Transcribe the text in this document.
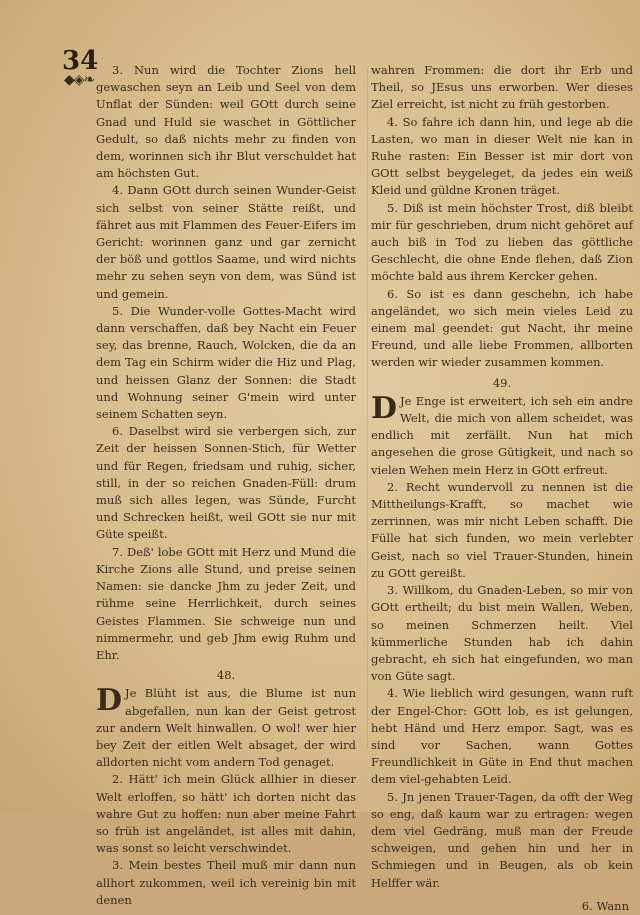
34
◆◈❧

3. Nun wird die Tochter Zions hell gewaschen seyn an Leib und Seel von dem Unflat der Sünden: weil GOtt durch seine Gnad und Huld sie waschet in Göttlicher Gedult, so daß nichts mehr zu finden von dem, worinnen sich ihr Blut verschuldet hat am höchsten Gut.

4. Dann GOtt durch seinen Wunder-Geist sich selbst von seiner Stätte reißt, und fähret aus mit Flammen des Feuer-Eifers im Gericht: worinnen ganz und gar zernicht der böß und gottlos Saame, und wird nichts mehr zu sehen seyn von dem, was Sünd ist und gemein.

5. Die Wunder-volle Gottes-Macht wird dann verschaffen, daß bey Nacht ein Feuer sey, das brenne, Rauch, Wolcken, die da an dem Tag ein Schirm wider die Hiz und Plag, und heissen Glanz der Sonnen: die Stadt und Wohnung seiner G'mein wird unter seinem Schatten seyn.

6. Daselbst wird sie verbergen sich, zur Zeit der heissen Sonnen-Stich, für Wetter und für Regen, friedsam und ruhig, sicher, still, in der so reichen Gnaden-Füll: drum muß sich alles legen, was Sünde, Furcht und Schrecken heißt, weil GOtt sie nur mit Güte speißt.

7. Deß' lobe GOtt mit Herz und Mund die Kirche Zions alle Stund, und preise seinen Namen: sie dancke Jhm zu jeder Zeit, und rühme seine Herrlichkeit, durch seines Geistes Flammen. Sie schweige nun und nimmermehr, und geb Jhm ewig Ruhm und Ehr.

48.

D Je Blüht ist aus, die Blume ist nun abgefallen, nun kan der Geist getrost zur andern Welt hinwallen. O wol! wer hier bey Zeit der eitlen Welt absaget, der wird alldorten nicht vom andern Tod genaget.

2. Hätt' ich mein Glück allhier in dieser Welt erloffen, so hätt' ich dorten nicht das wahre Gut zu hoffen: nun aber meine Fahrt so früh ist angeländet, ist alles mit dahin, was sonst so leicht verschwindet.

3. Mein bestes Theil muß mir dann nun allhort zukommen, weil ich vereinig bin mit denen

wahren Frommen: die dort ihr Erb und Theil, so JEsus uns erworben. Wer dieses Ziel erreicht, ist nicht zu früh gestorben.

4. So fahre ich dann hin, und lege ab die Lasten, wo man in dieser Welt nie kan in Ruhe rasten: Ein Besser ist mir dort von GOtt selbst beygeleget, da jedes ein weiß Kleid und güldne Kronen träget.

5. Diß ist mein höchster Trost, diß bleibt mir für geschrieben, drum nicht gehöret auf auch biß in Tod zu lieben das göttliche Geschlecht, die ohne Ende flehen, daß Zion möchte bald aus ihrem Kercker gehen.

6. So ist es dann geschehn, ich habe angeländet, wo sich mein vieles Leid zu einem mal geendet: gut Nacht, ihr meine Freund, und alle liebe Frommen, allborten werden wir wieder zusammen kommen.

49.

D Je Enge ist erweitert, ich seh ein andre Welt, die mich von allem scheidet, was endlich mit zerfällt. Nun hat mich angesehen die grose Gütigkeit, und nach so vielen Wehen mein Herz in GOtt erfreut.

2. Recht wundervoll zu nennen ist die Mittheilungs-Krafft, so machet wie zerrinnen, was mir nicht Leben schafft. Die Fülle hat sich funden, wo mein verlebter Geist, nach so viel Trauer-Stunden, hinein zu GOtt gereißt.

3. Willkom, du Gnaden-Leben, so mir von GOtt ertheilt; du bist mein Wallen, Weben, so meinen Schmerzen heilt. Viel kümmerliche Stunden hab ich dahin gebracht, eh sich hat eingefunden, wo man von Güte sagt.

4. Wie lieblich wird gesungen, wann ruft der Engel-Chor: GOtt lob, es ist gelungen, hebt Händ und Herz empor. Sagt, was es sind vor Sachen, wann Gottes Freundlichkeit in Güte in End thut machen dem viel-gehabten Leid.

5. Jn jenen Trauer-Tagen, da offt der Weg so eng, daß kaum war zu ertragen: wegen dem viel Gedräng, muß man der Freude schweigen, und gehen hin und her in Schmiegen und in Beugen, als ob kein Helffer wär.

6. Wann
